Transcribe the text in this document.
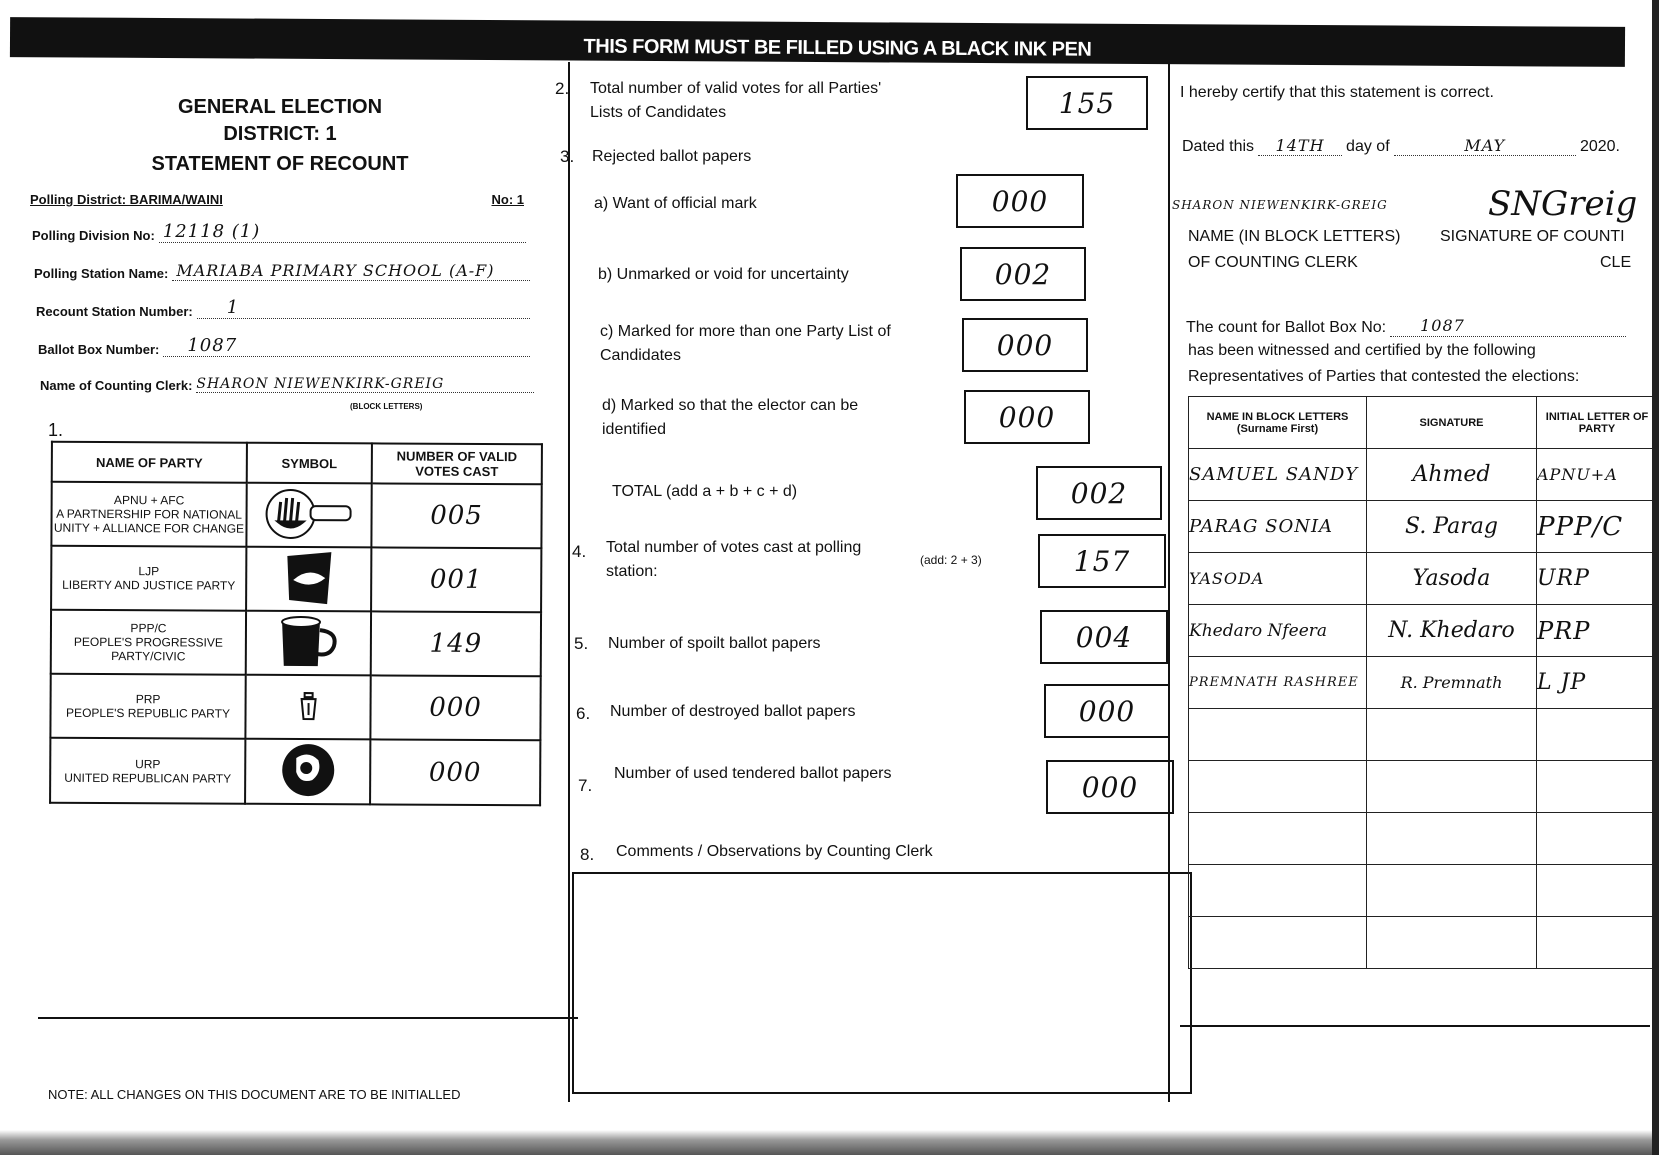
THIS FORM MUST BE FILLED USING A BLACK INK PEN
GENERAL ELECTION
DISTRICT: 1
STATEMENT OF RECOUNT
Polling District: BARIMA/WAINI	No: 1
Polling Division No: 12118 (1)
Polling Station Name: MARIABA PRIMARY SCHOOL (A-F)
Recount Station Number: 1
Ballot Box Number: 1087
Name of Counting Clerk: SHARON NIEWENKIRK-GREIG
(BLOCK LETTERS)
1.
NAME OF PARTY	SYMBOL	NUMBER OF VALID VOTES CAST
APNU + AFC
A PARTNERSHIP FOR NATIONAL UNITY + ALLIANCE FOR CHANGE		005
LJP
LIBERTY AND JUSTICE PARTY		001
PPP/C
PEOPLE'S PROGRESSIVE PARTY/CIVIC		149
PRP
PEOPLE'S REPUBLIC PARTY		000
URP
UNITED REPUBLICAN PARTY		000
NOTE: ALL CHANGES ON THIS DOCUMENT ARE TO BE INITIALLED
2. Total number of valid votes for all Parties' Lists of Candidates	155
3. Rejected ballot papers
a) Want of official mark	000
b) Unmarked or void for uncertainty	002
c) Marked for more than one Party List of Candidates	000
d) Marked so that the elector can be identified	000
TOTAL (add a + b + c + d)	002
4. Total number of votes cast at polling station:
(add: 2 + 3)	157
5. Number of spoilt ballot papers	004
6. Number of destroyed ballot papers	000
7.
Number of used tendered ballot papers	000
8. Comments / Observations by Counting Clerk
I hereby certify that this statement is correct.
Dated this	14TH	day of	MAY	2020.
SHARON NIEWENKIRK-GREIG	SNGreig
NAME (IN BLOCK LETTERS)
OF COUNTING CLERK
SIGNATURE OF COUNTI
CLE
The count for Ballot Box No:	1087
has been witnessed and certified by the following
Representatives of Parties that contested the elections:
NAME IN BLOCK LETTERS (Surname First)	SIGNATURE	INITIAL LETTER OF PARTY
SAMUEL SANDY	Ahmed	APNU+A
PARAG SONIA	S. Parag	PPP/C
YASODA	Yasoda	URP
Khedaro Nfeera	N. Khedaro	PRP
PREMNATH RASHREE	R. Premnath	L JP
